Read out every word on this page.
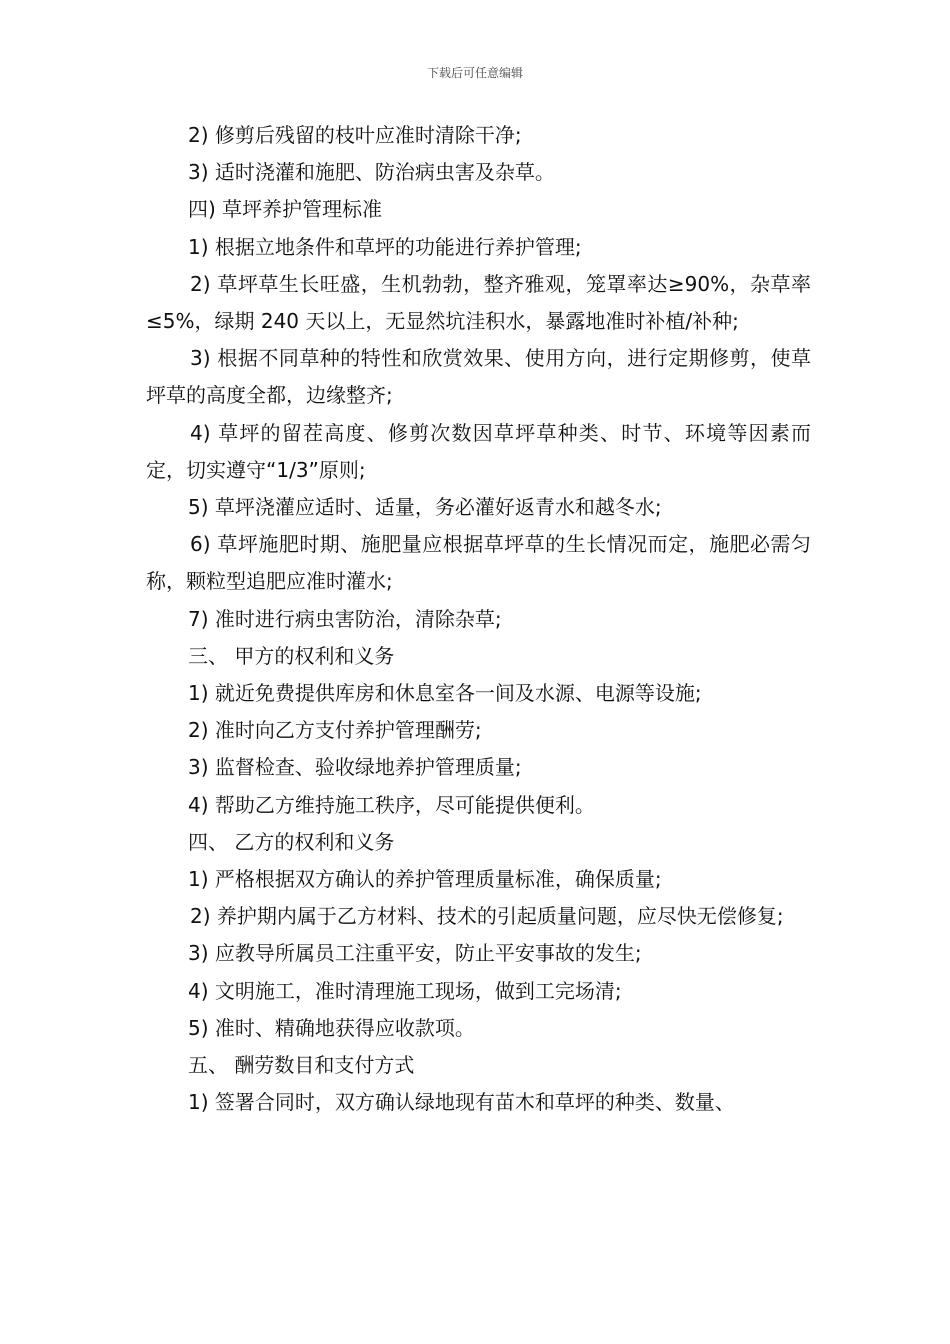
下载后可任意编辑

2) 修剪后残留的枝叶应准时清除干净;

3) 适时浇灌和施肥、防治病虫害及杂草。

四) 草坪养护管理标准

1) 根据立地条件和草坪的功能进行养护管理;

2) 草坪草生长旺盛，生机勃勃，整齐雅观，笼罩率达≥90%，杂草率≤5%，绿期 240 天以上，无显然坑洼积水，暴露地准时补植/补种;

3) 根据不同草种的特性和欣赏效果、使用方向，进行定期修剪，使草坪草的高度全都，边缘整齐;

4) 草坪的留茬高度、修剪次数因草坪草种类、时节、环境等因素而定，切实遵守“1/3”原则;

5) 草坪浇灌应适时、适量，务必灌好返青水和越冬水;

6) 草坪施肥时期、施肥量应根据草坪草的生长情况而定，施肥必需匀称，颗粒型追肥应准时灌水;

7) 准时进行病虫害防治，清除杂草;

三、 甲方的权利和义务

1) 就近免费提供库房和休息室各一间及水源、电源等设施;

2) 准时向乙方支付养护管理酬劳;

3) 监督检查、验收绿地养护管理质量;

4) 帮助乙方维持施工秩序，尽可能提供便利。

四、 乙方的权利和义务

1) 严格根据双方确认的养护管理质量标准，确保质量;

2) 养护期内属于乙方材料、技术的引起质量问题，应尽快无偿修复;

3) 应教导所属员工注重平安，防止平安事故的发生;

4) 文明施工，准时清理施工现场，做到工完场清;

5) 准时、精确地获得应收款项。

五、 酬劳数目和支付方式

1) 签署合同时，双方确认绿地现有苗木和草坪的种类、数量、
